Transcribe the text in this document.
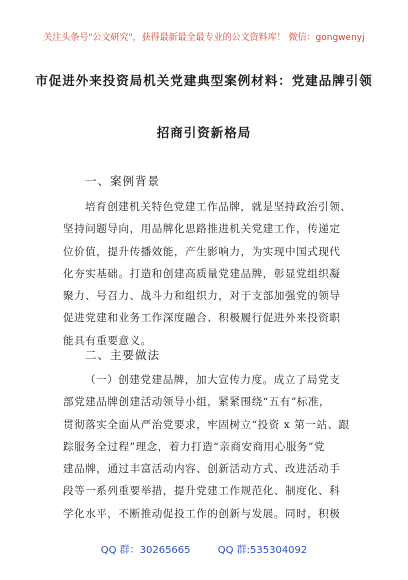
关注头条号"公文研究"，获得最新最全最专业的公文资料库！ 微信：gongwenyj
市促进外来投资局机关党建典型案例材料：党建品牌引领
招商引资新格局
一、案例背景
培育创建机关特色党建工作品牌，就是坚持政治引领、
坚持问题导向，用品牌化思路推进机关党建工作，传递定
位价值，提升传播效能，产生影响力，为实现中国式现代
化夯实基础。打造和创建高质量党建品牌，彰显党组织凝
聚力、号召力、战斗力和组织力，对于支部加强党的领导
促进党建和业务工作深度融合、积极履行促进外来投资职
能具有重要意义。
二、主要做法
（一）创建党建品牌，加大宣传力度。成立了局党支
部党建品牌创建活动领导小组，紧紧围绕“五有”标准，
贯彻落实全面从严治党要求，牢固树立“投资 x 第一站、跟
踪服务全过程”理念，着力打造“亲商安商用心服务”党
建品牌，通过丰富活动内容、创新活动方式、改进活动手
段等一系列重要举措，提升党建工作规范化、制度化、科
学化水平，不断推动促投工作的创新与发展。同时，积极
QQ 群：30265665	QQ 群:535304092
